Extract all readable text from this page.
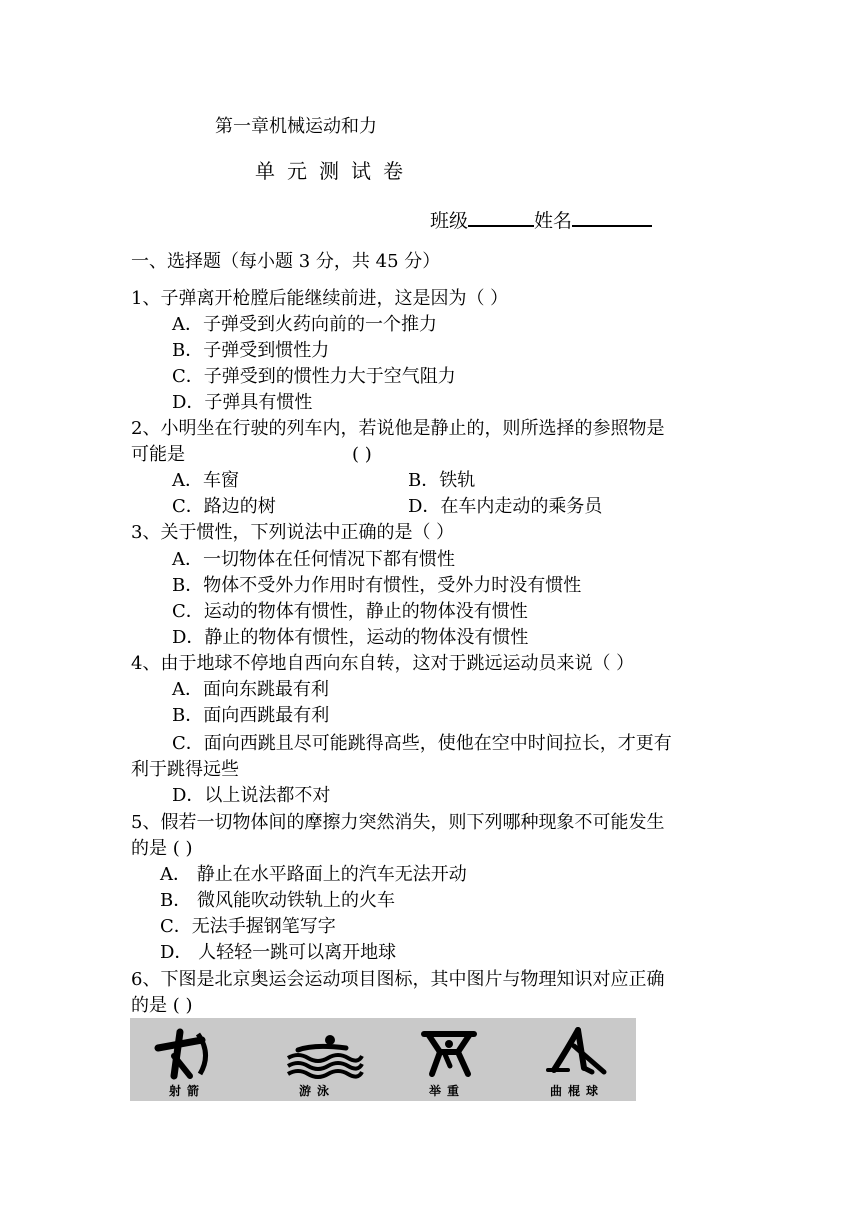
第一章机械运动和力
单元测试卷
班级	姓名
一、选择题（每小题 3 分，共 45 分）
1、子弹离开枪膛后能继续前进，这是因为（ ）
A．子弹受到火药向前的一个推力
B．子弹受到惯性力
C．子弹受到的惯性力大于空气阻力
D．子弹具有惯性
2、小明坐在行驶的列车内，若说他是静止的，则所选择的参照物是
可能是	( )
A．车窗	B．铁轨
C．路边的树	D．在车内走动的乘务员
3、关于惯性，下列说法中正确的是（ ）
A．一切物体在任何情况下都有惯性
B．物体不受外力作用时有惯性，受外力时没有惯性
C．运动的物体有惯性，静止的物体没有惯性
D．静止的物体有惯性，运动的物体没有惯性
4、由于地球不停地自西向东自转，这对于跳远运动员来说（ ）
A．面向东跳最有利
B．面向西跳最有利
C．面向西跳且尽可能跳得高些，使他在空中时间拉长，才更有
利于跳得远些
D．以上说法都不对
5、假若一切物体间的摩擦力突然消失，则下列哪种现象不可能发生
的是 ( )
A． 静止在水平路面上的汽车无法开动
B． 微风能吹动铁轨上的火车
C．无法手握钢笔写字
D． 人轻轻一跳可以离开地球
6、下图是北京奥运会运动项目图标，其中图片与物理知识对应正确
的是 ( )
射箭	游泳	举重	曲棍球
